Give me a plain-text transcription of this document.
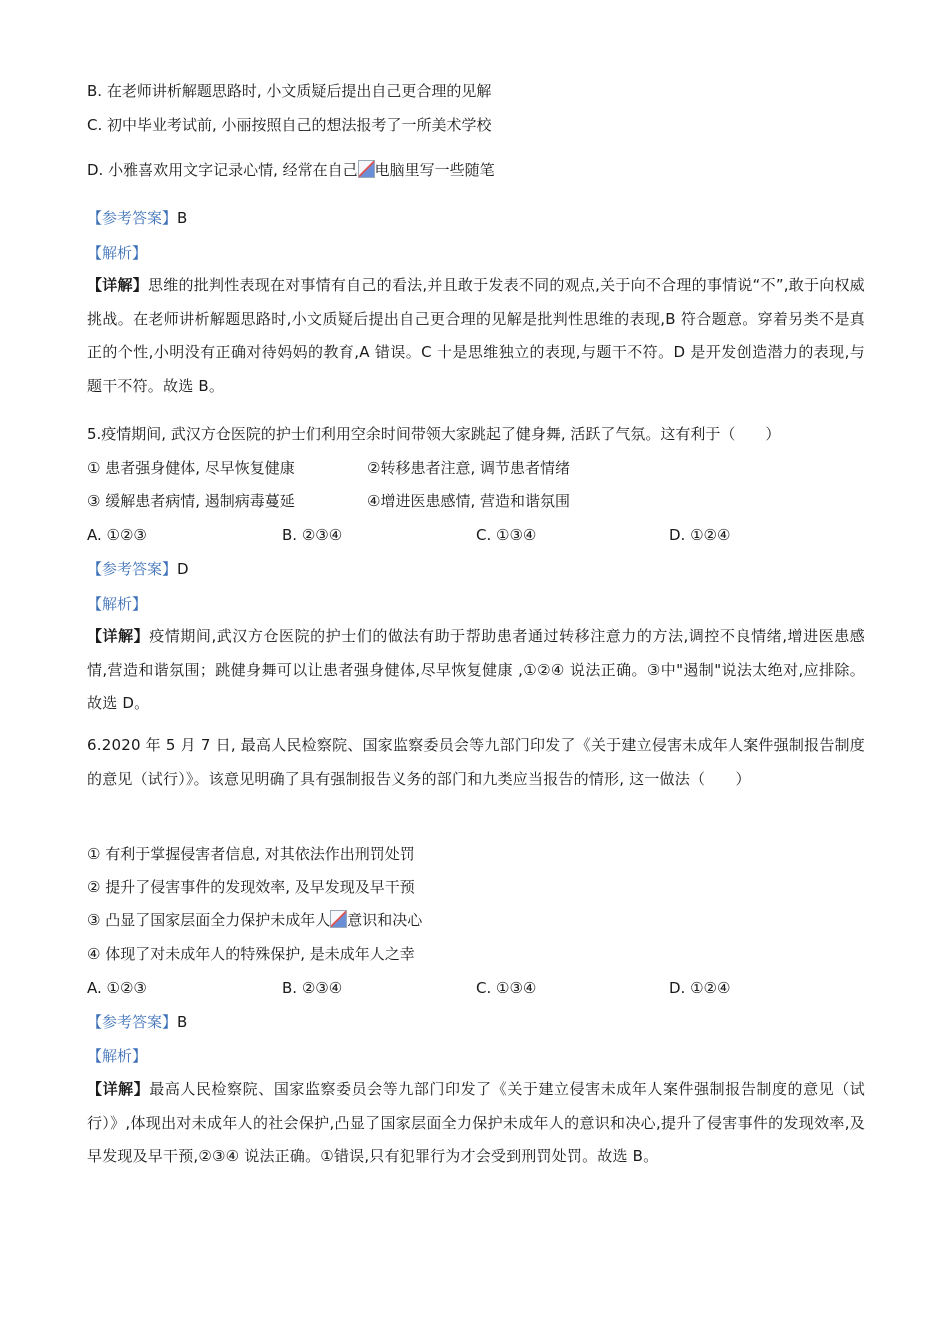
B. 在老师讲析解题思路时, 小文质疑后提出自己更合理的见解
C. 初中毕业考试前, 小丽按照自己的想法报考了一所美术学校
D. 小雅喜欢用文字记录心情, 经常在自己 电脑里写一些随笔
【参考答案】B
【解析】
【详解】思维的批判性表现在对事情有自己的看法,并且敢于发表不同的观点,关于向不合理的事情说“不”,敢于向权威挑战。在老师讲析解题思路时,小文质疑后提出自己更合理的见解是批判性思维的表现,B 符合题意。穿着另类不是真正的个性,小明没有正确对待妈妈的教育,A 错误。C 十是思维独立的表现,与题干不符。D 是开发创造潜力的表现,与题干不符。故选 B。
5.疫情期间, 武汉方仓医院的护士们利用空余时间带领大家跳起了健身舞, 活跃了气氛。这有利于（　　）
① 患者强身健体, 尽早恢复健康	②转移患者注意, 调节患者情绪
③ 缓解患者病情, 遏制病毒蔓延	④增进医患感情, 营造和谐氛围
A. ①②③	B. ②③④	C. ①③④	D. ①②④
【参考答案】D
【解析】
【详解】疫情期间,武汉方仓医院的护士们的做法有助于帮助患者通过转移注意力的方法,调控不良情绪,增进医患感情,营造和谐氛围；跳健身舞可以让患者强身健体,尽早恢复健康 ,①②④ 说法正确。③中"遏制"说法太绝对,应排除。故选 D。
6.2020 年 5 月 7 日, 最高人民检察院、国家监察委员会等九部门印发了《关于建立侵害未成年人案件强制报告制度的意见（试行）》。该意见明确了具有强制报告义务的部门和九类应当报告的情形, 这一做法（　　）
① 有利于掌握侵害者信息, 对其依法作出刑罚处罚
② 提升了侵害事件的发现效率, 及早发现及早干预
③ 凸显了国家层面全力保护未成年人 意识和决心
④ 体现了对未成年人的特殊保护, 是未成年人之幸
A. ①②③	B. ②③④	C. ①③④	D. ①②④
【参考答案】B
【解析】
【详解】最高人民检察院、国家监察委员会等九部门印发了《关于建立侵害未成年人案件强制报告制度的意见（试行）》,体现出对未成年人的社会保护,凸显了国家层面全力保护未成年人的意识和决心,提升了侵害事件的发现效率,及早发现及早干预,②③④ 说法正确。①错误,只有犯罪行为才会受到刑罚处罚。故选 B。
